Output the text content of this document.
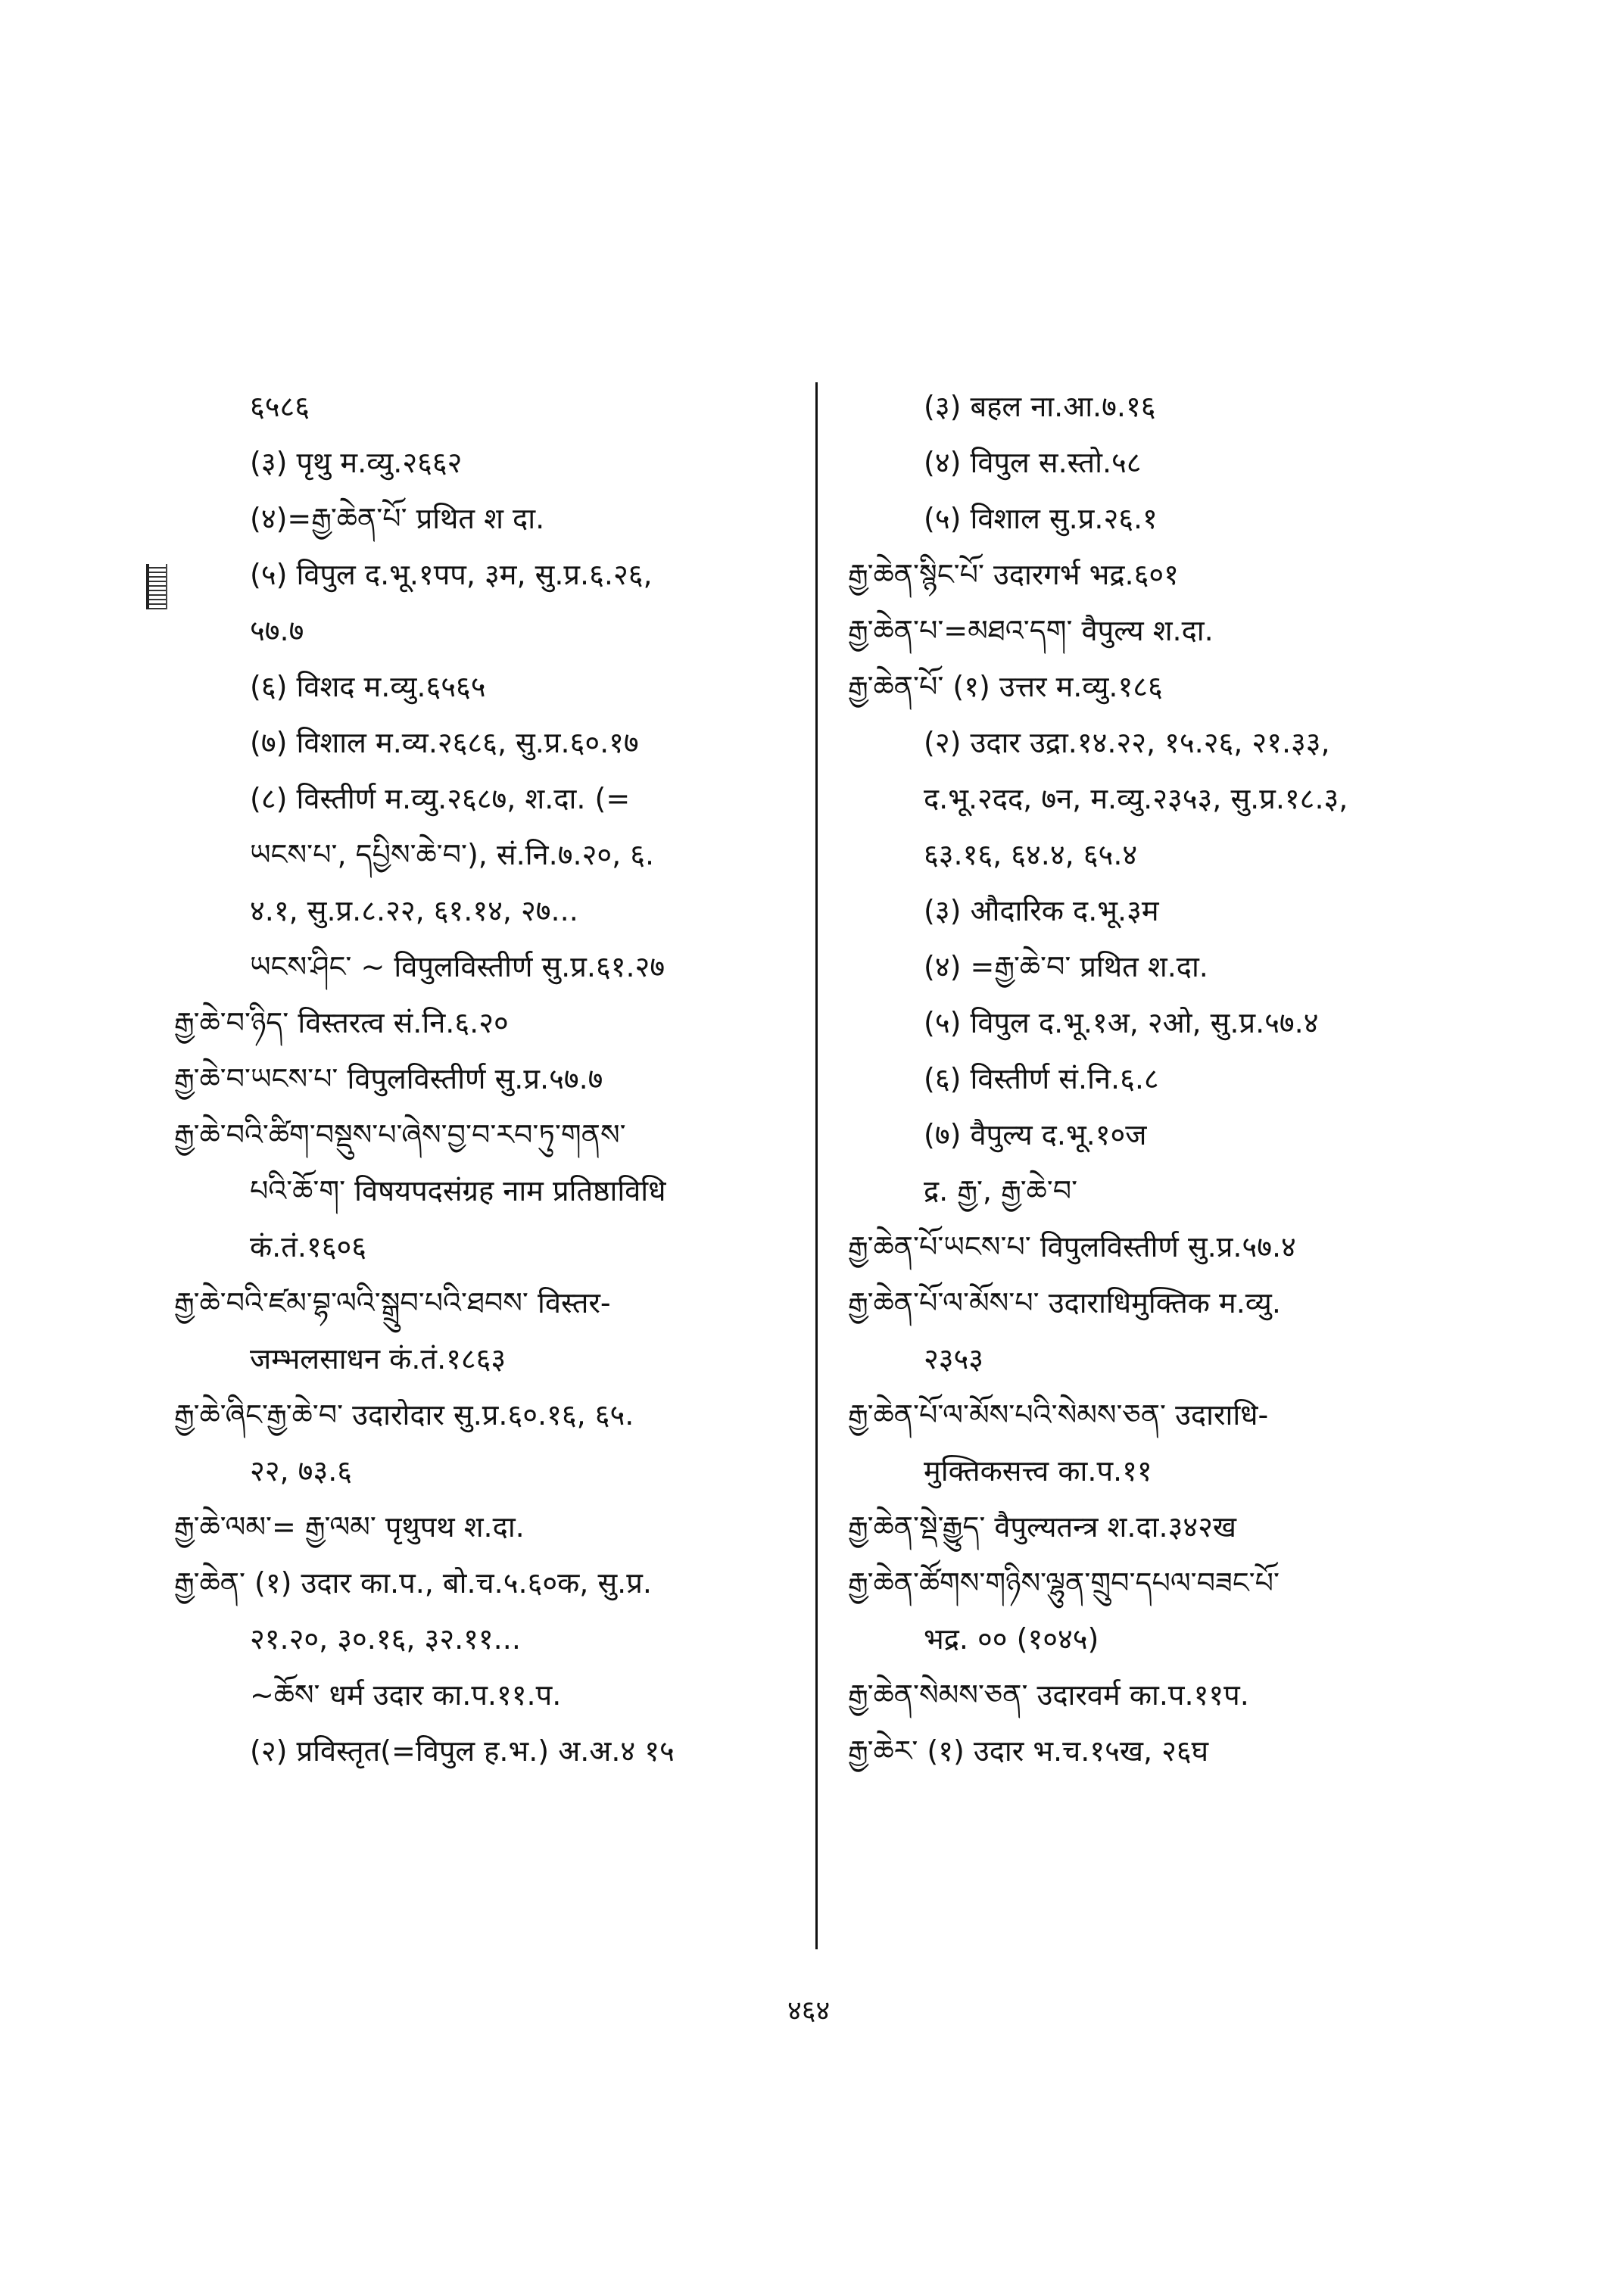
६५८६
(३) पृथु म.व्यु.२६६२
(४)=རྒྱ་ཆེན་པོ་ प्रथित श दा.
(५) विपुल द.भू.१पप, ३म, सु.प्र.६.२६,
५७.७
(६) विशद म.व्यु.६५६५
(७) विशाल म.व्य.२६८६, सु.प्र.६०.१७
(८) विस्तीर्ण म.व्यु.२६८७, श.दा. (=
ཡངས་པ་, དཔྱིས་ཆེ་བ་), सं.नि.७.२०, ६.
४.१, सु.प्र.८.२२, ६१.१४, २७...
ཡངས་ཤིང་ ~ विपुलविस्तीर्ण सु.प्र.६१.२७
རྒྱ་ཆེ་བ་ཉིད་ विस्तरत्व सं.नि.६.२०
རྒྱ་ཆེ་བ་ཡངས་པ་ विपुलविस्तीर्ण सु.प्र.५७.७
རྒྱ་ཆེ་བའི་ཚིག་བསྡུས་པ་ཞེས་བྱ་བ་རབ་ཏུ་གནས་
པའི་ཆོ་ག་ विषयपदसंग्रह नाम प्रतिष्ठाविधि
कं.तं.१६०६
རྒྱ་ཆེ་བའི་ཛམ་བྷ་ལའི་སྒྲུབ་པའི་ཐབས་ विस्तर-
जम्भलसाधन कं.तं.१८६३
རྒྱ་ཆེ་ཞིང་རྒྱ་ཆེ་བ་ उदारोदार सु.प्र.६०.१६, ६५.
२२, ७३.६
རྒྱ་ཆེ་ལམ་= རྒྱ་ལམ་ पृथुपथ श.दा.
རྒྱ་ཆེན་ (१) उदार का.प., बो.च.५.६०क, सु.प्र.
२१.२०, ३०.१६, ३२.११...
~ཆོས་ धर्म उदार का.प.११.प.
(२) प्रविस्तृत(=विपुल ह.भ.) अ.अ.४ १५
(३) बहल ना.आ.७.१६
(४) विपुल स.स्तो.५८
(५) विशाल सु.प्र.२६.१
རྒྱ་ཆེན་སྙིང་པོ་ उदारगर्भ भद्र.६०१
རྒྱ་ཆེན་པ་=མཐའ་དག་ वैपुल्य श.दा.
རྒྱ་ཆེན་པོ་ (१) उत्तर म.व्यु.१८६
(२) उदार उद्रा.१४.२२, १५.२६, २१.३३,
द.भू.२दद, ७न, म.व्यु.२३५३, सु.प्र.१८.३,
६३.१६, ६४.४, ६५.४
(३) औदारिक द.भू.३म
(४) =རྒྱ་ཆེ་བ་ प्रथित श.दा.
(५) विपुल द.भू.१अ, २ओ, सु.प्र.५७.४
(६) विस्तीर्ण सं.नि.६.८
(७) वैपुल्य द.भू.१०ज
द्र. རྒྱ་, རྒྱ་ཆེ་བ་
རྒྱ་ཆེན་པོ་ཡངས་པ་ विपुलविस्तीर्ण सु.प्र.५७.४
རྒྱ་ཆེན་པོ་ལ་མོས་པ་ उदाराधिमुक्तिक म.व्यु.
२३५३
རྒྱ་ཆེན་པོ་ལ་མོས་པའི་སེམས་ཅན་ उदाराधि-
मुक्तिकसत्त्व का.प.११
རྒྱ་ཆེན་སྡེ་རྒྱུད་ वैपुल्यतन्त्र श.दा.३४२ख
རྒྱ་ཆེན་ཚོགས་གཉིས་ལྷུན་གྲུབ་དཔལ་བཟང་པོ་
भद्र. ०० (१०४५)
རྒྱ་ཆེན་སེམས་ཅན་ उदारवर्म का.प.११प.
རྒྱ་ཆེར་ (१) उदार भ.च.१५ख, २६घ
४६४
